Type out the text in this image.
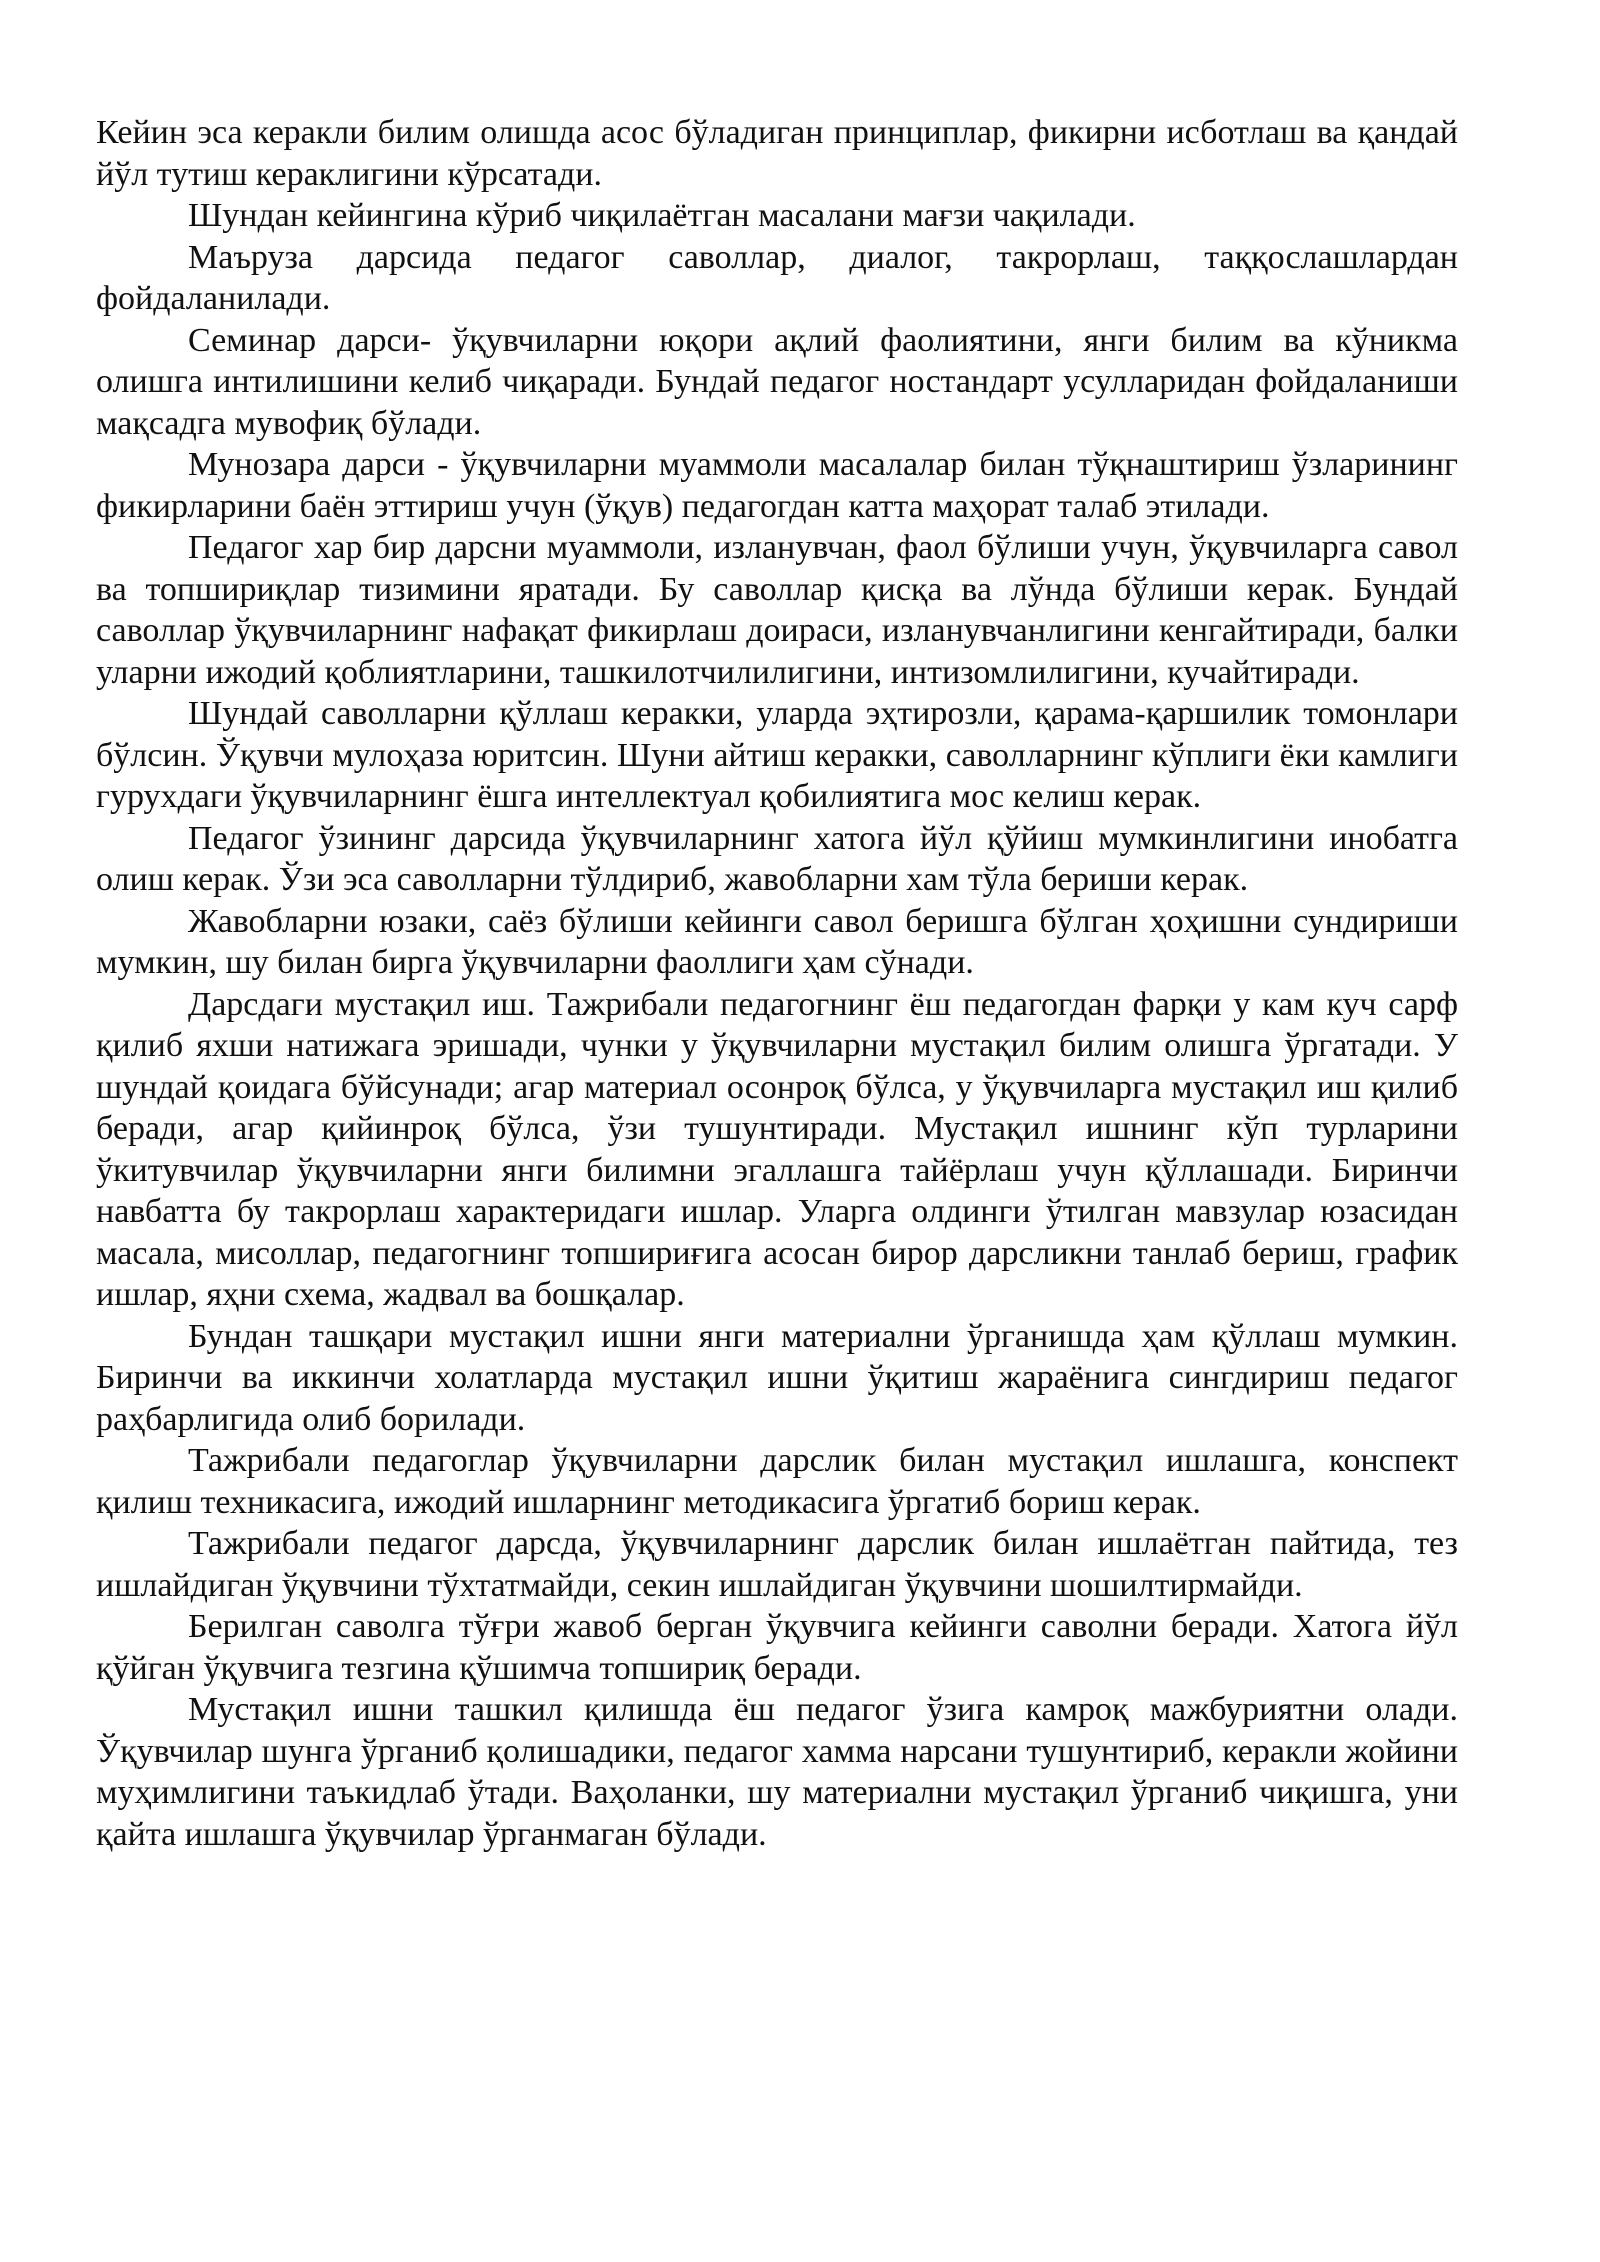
Кейин эса керакли билим олишда асос бўладиган принциплар, фикирни исботлаш ва қандай йўл тутиш кераклигини кўрсатади.

Шундан кейингина кўриб чиқилаётган масалани мағзи чақилади.

Маъруза дарсида педагог саволлар, диалог, такрорлаш, таққослашлардан фойдаланилади.

Семинар дарси- ўқувчиларни юқори ақлий фаолиятини, янги билим ва кўникма олишга интилишини келиб чиқаради. Бундай педагог ностандарт усулларидан фойдаланиши мақсадга мувофиқ бўлади.

Мунозара дарси - ўқувчиларни муаммоли масалалар билан тўқнаштириш ўзларининг фикирларини баён эттириш учун (ўқув) педагогдан катта маҳорат талаб этилади.

Педагог хар бир дарсни муаммоли, изланувчан, фаол бўлиши учун, ўқувчиларга савол ва топшириқлар тизимини яратади. Бу саволлар қисқа ва лўнда бўлиши керак. Бундай саволлар ўқувчиларнинг нафақат фикирлаш доираси, изланувчанлигини кенгайтиради, балки уларни ижодий қоблиятларини, ташкилотчилилигини, интизомлилигини, кучайтиради.

Шундай саволларни қўллаш керакки, уларда эҳтирозли, қарама-қаршилик томонлари бўлсин. Ўқувчи мулоҳаза юритсин. Шуни айтиш керакки, саволларнинг кўплиги ёки камлиги гурухдаги ўқувчиларнинг ёшга интеллектуал қобилиятига мос келиш керак.

Педагог ўзининг дарсида ўқувчиларнинг хатога йўл қўйиш мумкинлигини инобатга олиш керак. Ўзи эса саволларни тўлдириб, жавобларни хам тўла бериши керак.

Жавобларни юзаки, саёз бўлиши кейинги савол беришга бўлган ҳоҳишни сундириши мумкин, шу билан бирга ўқувчиларни фаоллиги ҳам сўнади.

Дарсдаги мустақил иш. Тажрибали педагогнинг ёш педагогдан фарқи у кам куч сарф қилиб яхши натижага эришади, чунки у ўқувчиларни мустақил билим олишга ўргатади. У шундай қоидага бўйсунади; агар материал осонроқ бўлса, у ўқувчиларга мустақил иш қилиб беради, агар қийинроқ бўлса, ўзи тушунтиради. Мустақил ишнинг кўп турларини ўкитувчилар ўқувчиларни янги билимни эгаллашга тайёрлаш учун қўллашади. Биринчи навбатта бу такрорлаш характеридаги ишлар. Уларга олдинги ўтилган мавзулар юзасидан масала, мисоллар, педагогнинг топшириғига асосан бирор дарсликни танлаб бериш, график ишлар, яҳни схема, жадвал ва бошқалар.

Бундан ташқари мустақил ишни янги материални ўрганишда ҳам қўллаш мумкин. Биринчи ва иккинчи холатларда мустақил ишни ўқитиш жараёнига сингдириш педагог раҳбарлигида олиб борилади.

Тажрибали педагоглар ўқувчиларни дарслик билан мустақил ишлашга, конспект қилиш техникасига, ижодий ишларнинг методикасига ўргатиб бориш керак.

Тажрибали педагог дарсда, ўқувчиларнинг дарслик билан ишлаётган пайтида, тез ишлайдиган ўқувчини тўхтатмайди, секин ишлайдиган ўқувчини шошилтирмайди.

Берилган саволга тўғри жавоб берган ўқувчига кейинги саволни беради. Хатога йўл қўйган ўқувчига тезгина қўшимча топшириқ беради.

Мустақил ишни ташкил қилишда ёш педагог ўзига камроқ мажбуриятни олади. Ўқувчилар шунга ўрганиб қолишадики, педагог хамма нарсани тушунтириб, керакли жойини муҳимлигини таъкидлаб ўтади. Ваҳоланки, шу материални мустақил ўрганиб чиқишга, уни қайта ишлашга ўқувчилар ўрганмаган бўлади.
